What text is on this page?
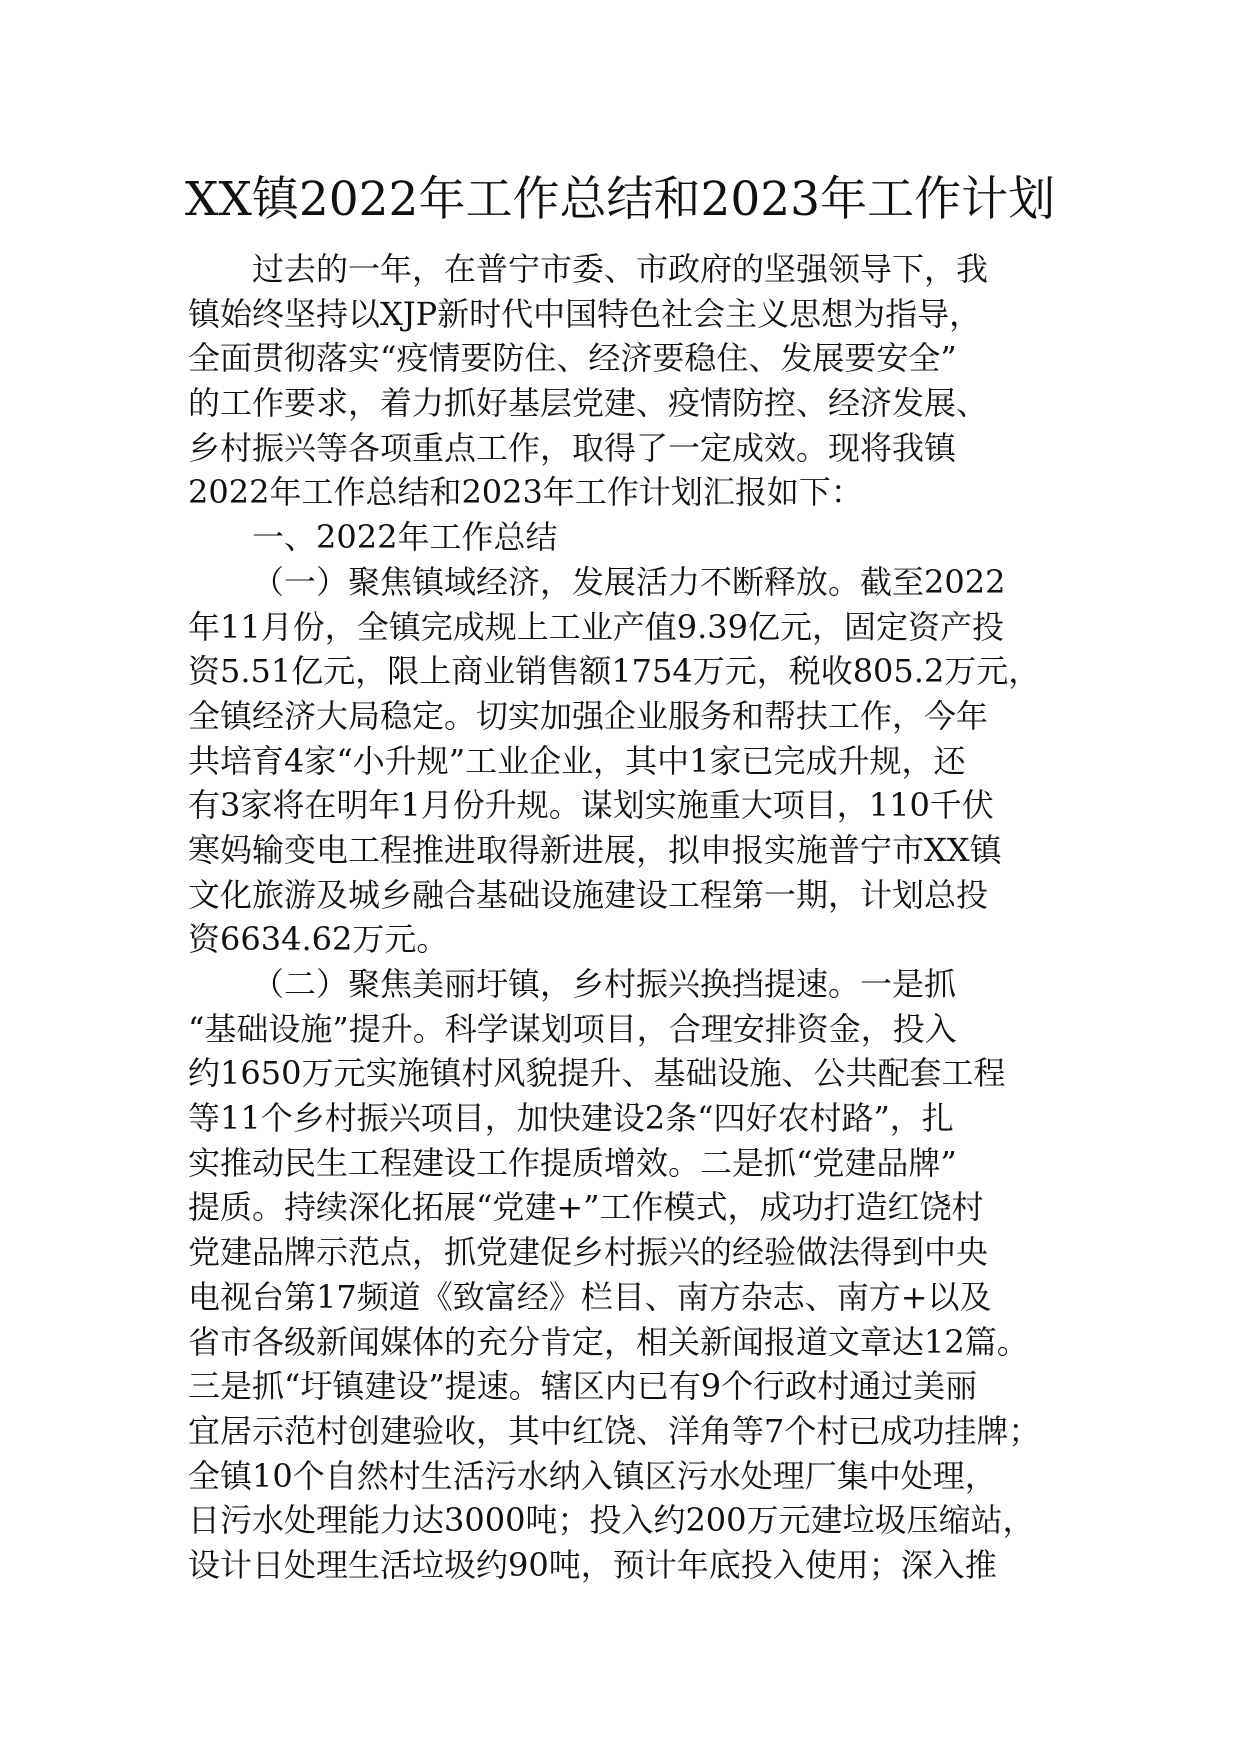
XX镇2022年工作总结和2023年工作计划
过去的一年，在普宁市委、市政府的坚强领导下，我
镇始终坚持以XJP新时代中国特色社会主义思想为指导，
全面贯彻落实“疫情要防住、经济要稳住、发展要安全”
的工作要求，着力抓好基层党建、疫情防控、经济发展、
乡村振兴等各项重点工作，取得了一定成效。现将我镇
2022年工作总结和2023年工作计划汇报如下：
一、2022年工作总结
（一）聚焦镇域经济，发展活力不断释放。截至2022
年11月份，全镇完成规上工业产值9.39亿元，固定资产投
资5.51亿元，限上商业销售额1754万元，税收805.2万元，
全镇经济大局稳定。切实加强企业服务和帮扶工作，今年
共培育4家“小升规”工业企业，其中1家已完成升规，还
有3家将在明年1月份升规。谋划实施重大项目，110千伏
寒妈输变电工程推进取得新进展，拟申报实施普宁市XX镇
文化旅游及城乡融合基础设施建设工程第一期，计划总投
资6634.62万元。
（二）聚焦美丽圩镇，乡村振兴换挡提速。一是抓
“基础设施”提升。科学谋划项目，合理安排资金，投入
约1650万元实施镇村风貌提升、基础设施、公共配套工程
等11个乡村振兴项目，加快建设2条“四好农村路”，扎
实推动民生工程建设工作提质增效。二是抓“党建品牌”
提质。持续深化拓展“党建+”工作模式，成功打造红饶村
党建品牌示范点，抓党建促乡村振兴的经验做法得到中央
电视台第17频道《致富经》栏目、南方杂志、南方+以及
省市各级新闻媒体的充分肯定，相关新闻报道文章达12篇。
三是抓“圩镇建设”提速。辖区内已有9个行政村通过美丽
宜居示范村创建验收，其中红饶、洋角等7个村已成功挂牌；
全镇10个自然村生活污水纳入镇区污水处理厂集中处理，
日污水处理能力达3000吨；投入约200万元建垃圾压缩站，
设计日处理生活垃圾约90吨，预计年底投入使用；深入推
